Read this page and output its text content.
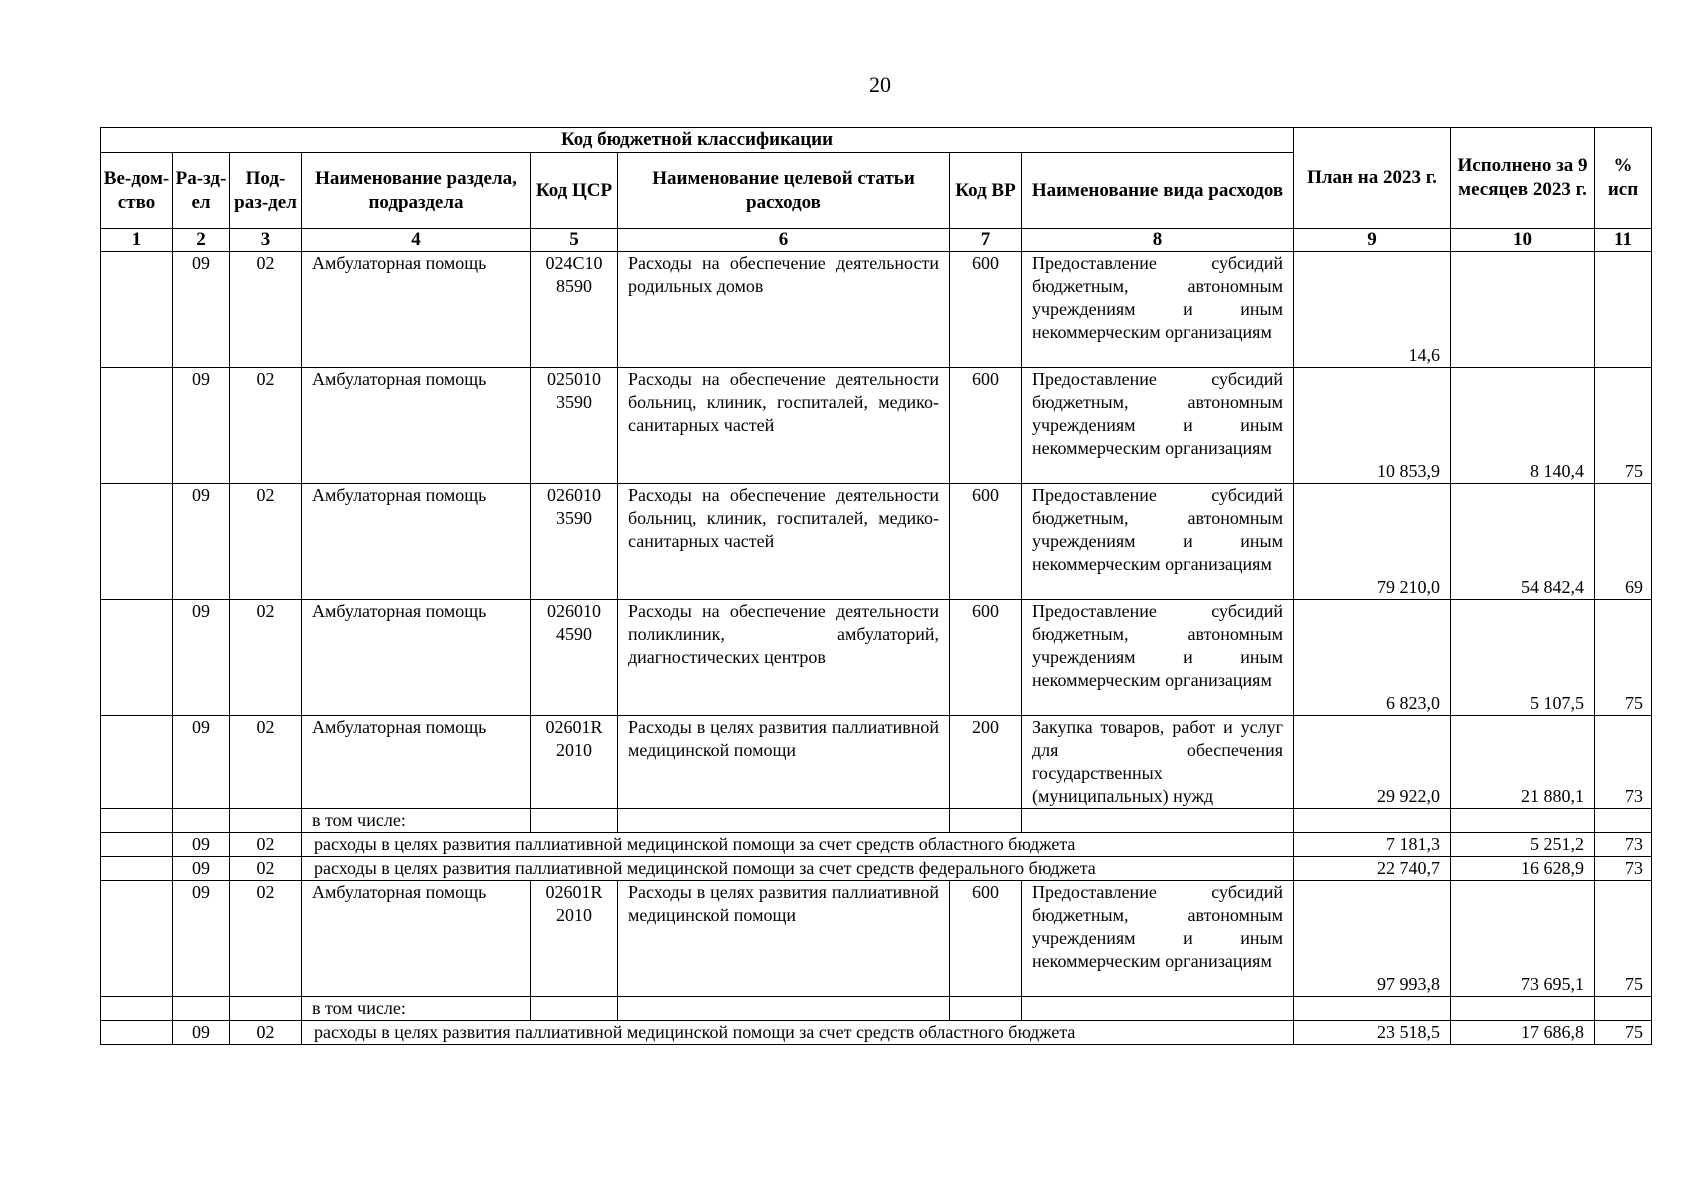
20
Код бюджетной классификации								План на 2023 г.	Исполнено за 9 месяцев 2023 г.	% исп
Ве-дом-ство	Ра-зд-ел	Под-раз-дел	Наименование раздела, подраздела	Код ЦСР	Наименование целевой статьи расходов	Код ВР	Наименование вида расходов			
1	2	3	4	5	6	7	8	9	10	11
	09	02	Амбулаторная помощь	024С10 8590	Расходы на обеспечение деятельности родильных домов	600	Предоставление субсидий бюджетным, автономным учреждениям и иным некоммерческим организациям	14,6		
	09	02	Амбулаторная помощь	025010 3590	Расходы на обеспечение деятельности больниц, клиник, госпиталей, медико-санитарных частей	600	Предоставление субсидий бюджетным, автономным учреждениям и иным некоммерческим организациям	10 853,9	8 140,4	75
	09	02	Амбулаторная помощь	026010 3590	Расходы на обеспечение деятельности больниц, клиник, госпиталей, медико-санитарных частей	600	Предоставление субсидий бюджетным, автономным учреждениям и иным некоммерческим организациям	79 210,0	54 842,4	69
	09	02	Амбулаторная помощь	026010 4590	Расходы на обеспечение деятельности поликлиник, амбулаторий, диагностических центров	600	Предоставление субсидий бюджетным, автономным учреждениям и иным некоммерческим организациям	6 823,0	5 107,5	75
	09	02	Амбулаторная помощь	02601R 2010	Расходы в целях развития паллиативной медицинской помощи	200	Закупка товаров, работ и услуг для обеспечения государственных (муниципальных) нужд	29 922,0	21 880,1	73
			в том числе:							
	09	02	расходы в целях развития паллиативной медицинской помощи за счет средств областного бюджета					7 181,3	5 251,2	73
	09	02	расходы в целях развития паллиативной медицинской помощи за счет средств федерального бюджета					22 740,7	16 628,9	73
	09	02	Амбулаторная помощь	02601R 2010	Расходы в целях развития паллиативной медицинской помощи	600	Предоставление субсидий бюджетным, автономным учреждениям и иным некоммерческим организациям	97 993,8	73 695,1	75
			в том числе:							
	09	02	расходы в целях развития паллиативной медицинской помощи за счет средств областного бюджета					23 518,5	17 686,8	75
